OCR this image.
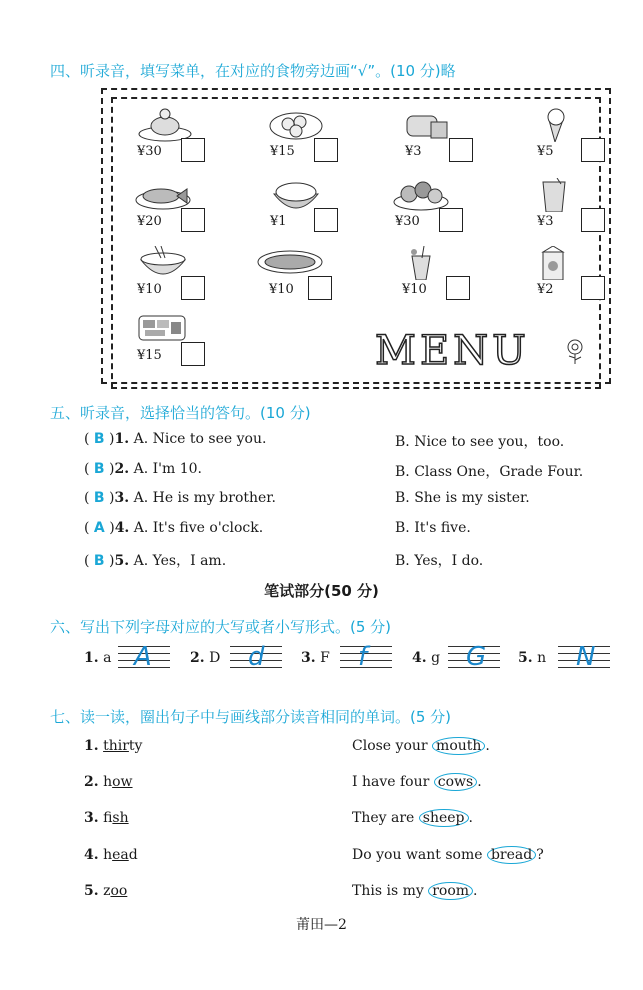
四、听录音，填写菜单，在对应的食物旁边画“√”。(10 分)略
¥30	¥15	¥3	¥5
¥20	¥1	¥30	¥3
¥10	¥10	¥10	¥2
¥15	MENU
五、听录音，选择恰当的答句。(10 分)
( B )1. A. Nice to see you.	B. Nice to see you，too.
( B )2. A. I'm 10.	B. Class One，Grade Four.
( B )3. A. He is my brother.	B. She is my sister.
( A )4. A. It's five o'clock.	B. It's five.
( B )5. A. Yes，I am.	B. Yes，I do.
笔试部分(50 分)
六、写出下列字母对应的大写或者小写形式。(5 分)
1. a A	2. D d	3. F f	4. g G 5. n N
七、读一读，圈出句子中与画线部分读音相同的单词。(5 分)
1. thirty	Close your mouth .
2. how	I have four cows .
3. fish	They are sheep .
4. head	Do you want some bread ?
5. zoo	This is my room .
莆田—2
